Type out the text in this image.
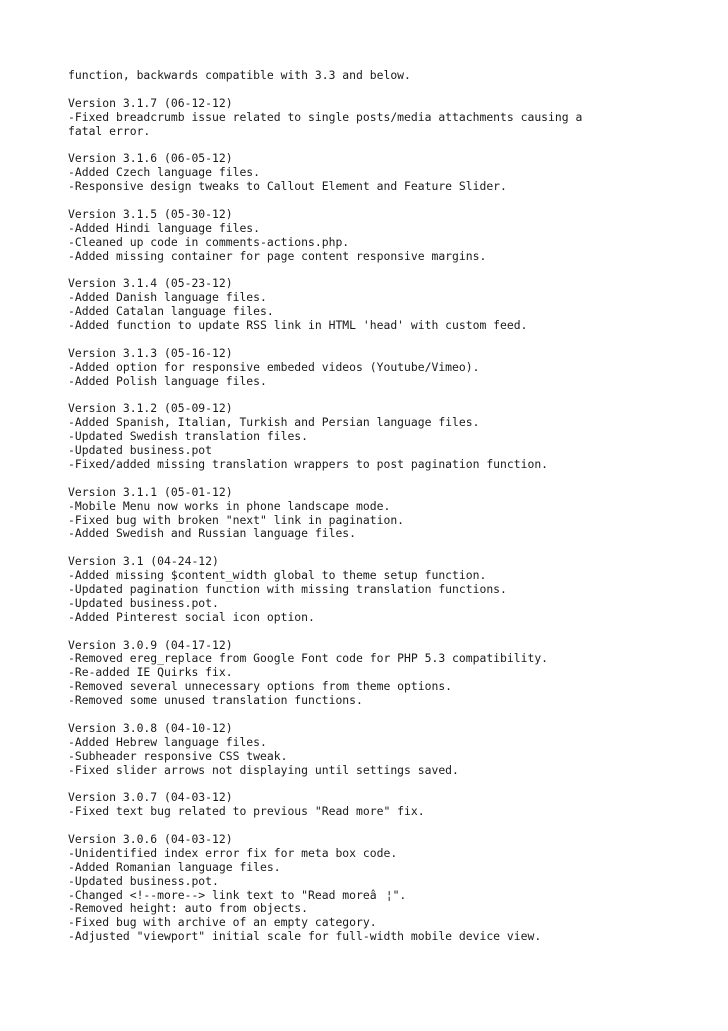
function, backwards compatible with 3.3 and below.
Version 3.1.7 (06-12-12)
-Fixed breadcrumb issue related to single posts/media attachments causing a
fatal error.
Version 3.1.6 (06-05-12)
-Added Czech language files.
-Responsive design tweaks to Callout Element and Feature Slider.
Version 3.1.5 (05-30-12)
-Added Hindi language files.
-Cleaned up code in comments-actions.php.
-Added missing container for page content responsive margins.
Version 3.1.4 (05-23-12)
-Added Danish language files.
-Added Catalan language files.
-Added function to update RSS link in HTML 'head' with custom feed.
Version 3.1.3 (05-16-12)
-Added option for responsive embeded videos (Youtube/Vimeo).
-Added Polish language files.
Version 3.1.2 (05-09-12)
-Added Spanish, Italian, Turkish and Persian language files.
-Updated Swedish translation files.
-Updated business.pot
-Fixed/added missing translation wrappers to post pagination function.
Version 3.1.1 (05-01-12)
-Mobile Menu now works in phone landscape mode.
-Fixed bug with broken "next" link in pagination.
-Added Swedish and Russian language files.
Version 3.1 (04-24-12)
-Added missing $content_width global to theme setup function.
-Updated pagination function with missing translation functions.
-Updated business.pot.
-Added Pinterest social icon option.
Version 3.0.9 (04-17-12)
-Removed ereg_replace from Google Font code for PHP 5.3 compatibility.
-Re-added IE Quirks fix.
-Removed several unnecessary options from theme options.
-Removed some unused translation functions.
Version 3.0.8 (04-10-12)
-Added Hebrew language files.
-Subheader responsive CSS tweak.
-Fixed slider arrows not displaying until settings saved.
Version 3.0.7 (04-03-12)
-Fixed text bug related to previous "Read more" fix.
Version 3.0.6 (04-03-12)
-Unidentified index error fix for meta box code.
-Added Romanian language files.
-Updated business.pot.
-Changed <!--more--> link text to "Read moreâ¦".
-Removed height: auto from objects.
-Fixed bug with archive of an empty category.
-Adjusted "viewport" initial scale for full-width mobile device view.
